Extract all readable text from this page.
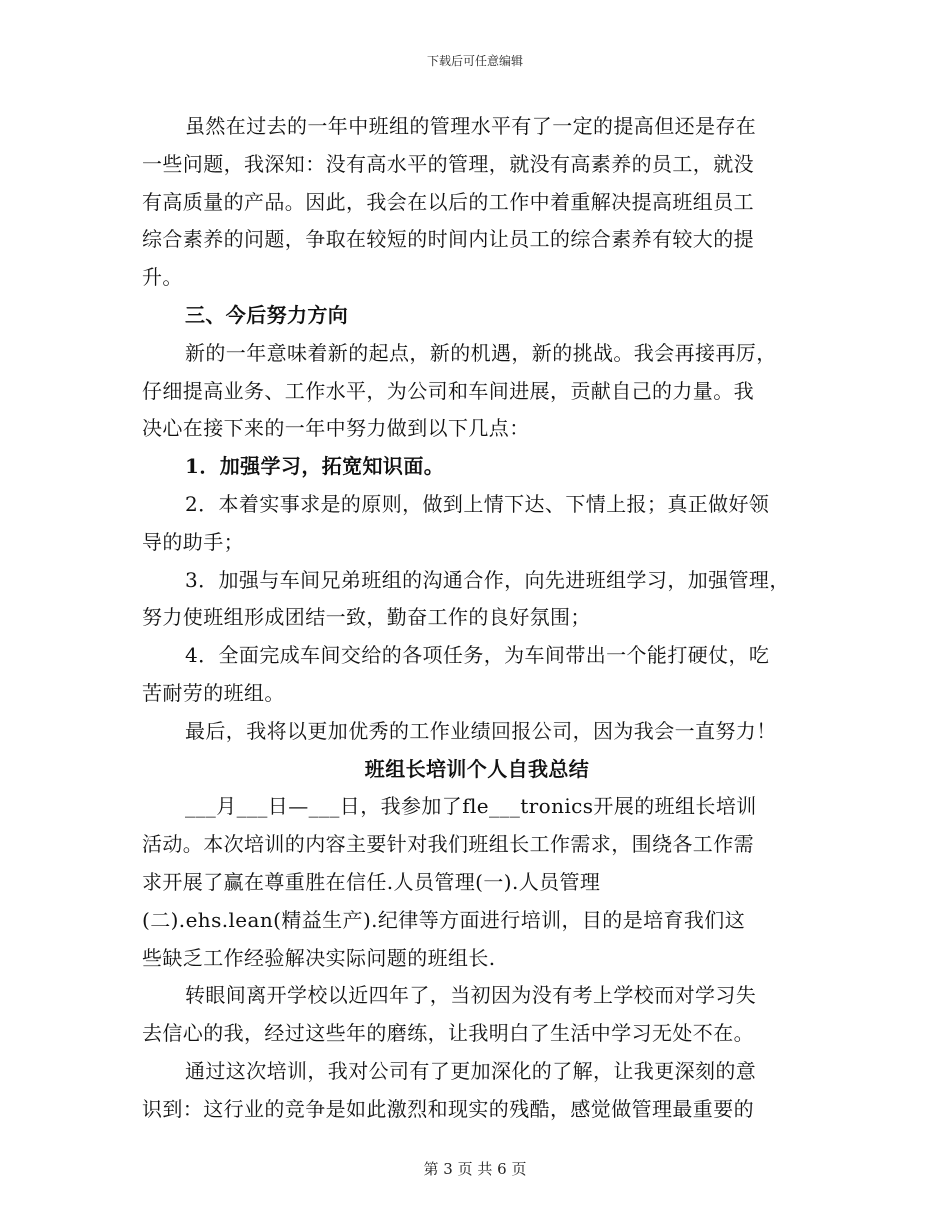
下载后可任意编辑
虽然在过去的一年中班组的管理水平有了一定的提高但还是存在
一些问题，我深知：没有高水平的管理，就没有高素养的员工，就没
有高质量的产品。因此，我会在以后的工作中着重解决提高班组员工
综合素养的问题，争取在较短的时间内让员工的综合素养有较大的提
升。
三、今后努力方向
新的一年意味着新的起点，新的机遇，新的挑战。我会再接再厉，
仔细提高业务、工作水平，为公司和车间进展，贡献自己的力量。我
决心在接下来的一年中努力做到以下几点：
1．加强学习，拓宽知识面。
2．本着实事求是的原则，做到上情下达、下情上报；真正做好领
导的助手；
3．加强与车间兄弟班组的沟通合作，向先进班组学习，加强管理，
努力使班组形成团结一致，勤奋工作的良好氛围；
4．全面完成车间交给的各项任务，为车间带出一个能打硬仗，吃
苦耐劳的班组。
最后，我将以更加优秀的工作业绩回报公司，因为我会一直努力！
班组长培训个人自我总结
___月___日—___日，我参加了fle___tronics开展的班组长培训
活动。本次培训的内容主要针对我们班组长工作需求，围绕各工作需
求开展了赢在尊重胜在信任.人员管理(一).人员管理
(二).ehs.lean(精益生产).纪律等方面进行培训，目的是培育我们这
些缺乏工作经验解决实际问题的班组长.
转眼间离开学校以近四年了，当初因为没有考上学校而对学习失
去信心的我，经过这些年的磨练，让我明白了生活中学习无处不在。
通过这次培训，我对公司有了更加深化的了解，让我更深刻的意
识到：这行业的竞争是如此激烈和现实的残酷，感觉做管理最重要的
第 3 页 共 6 页
